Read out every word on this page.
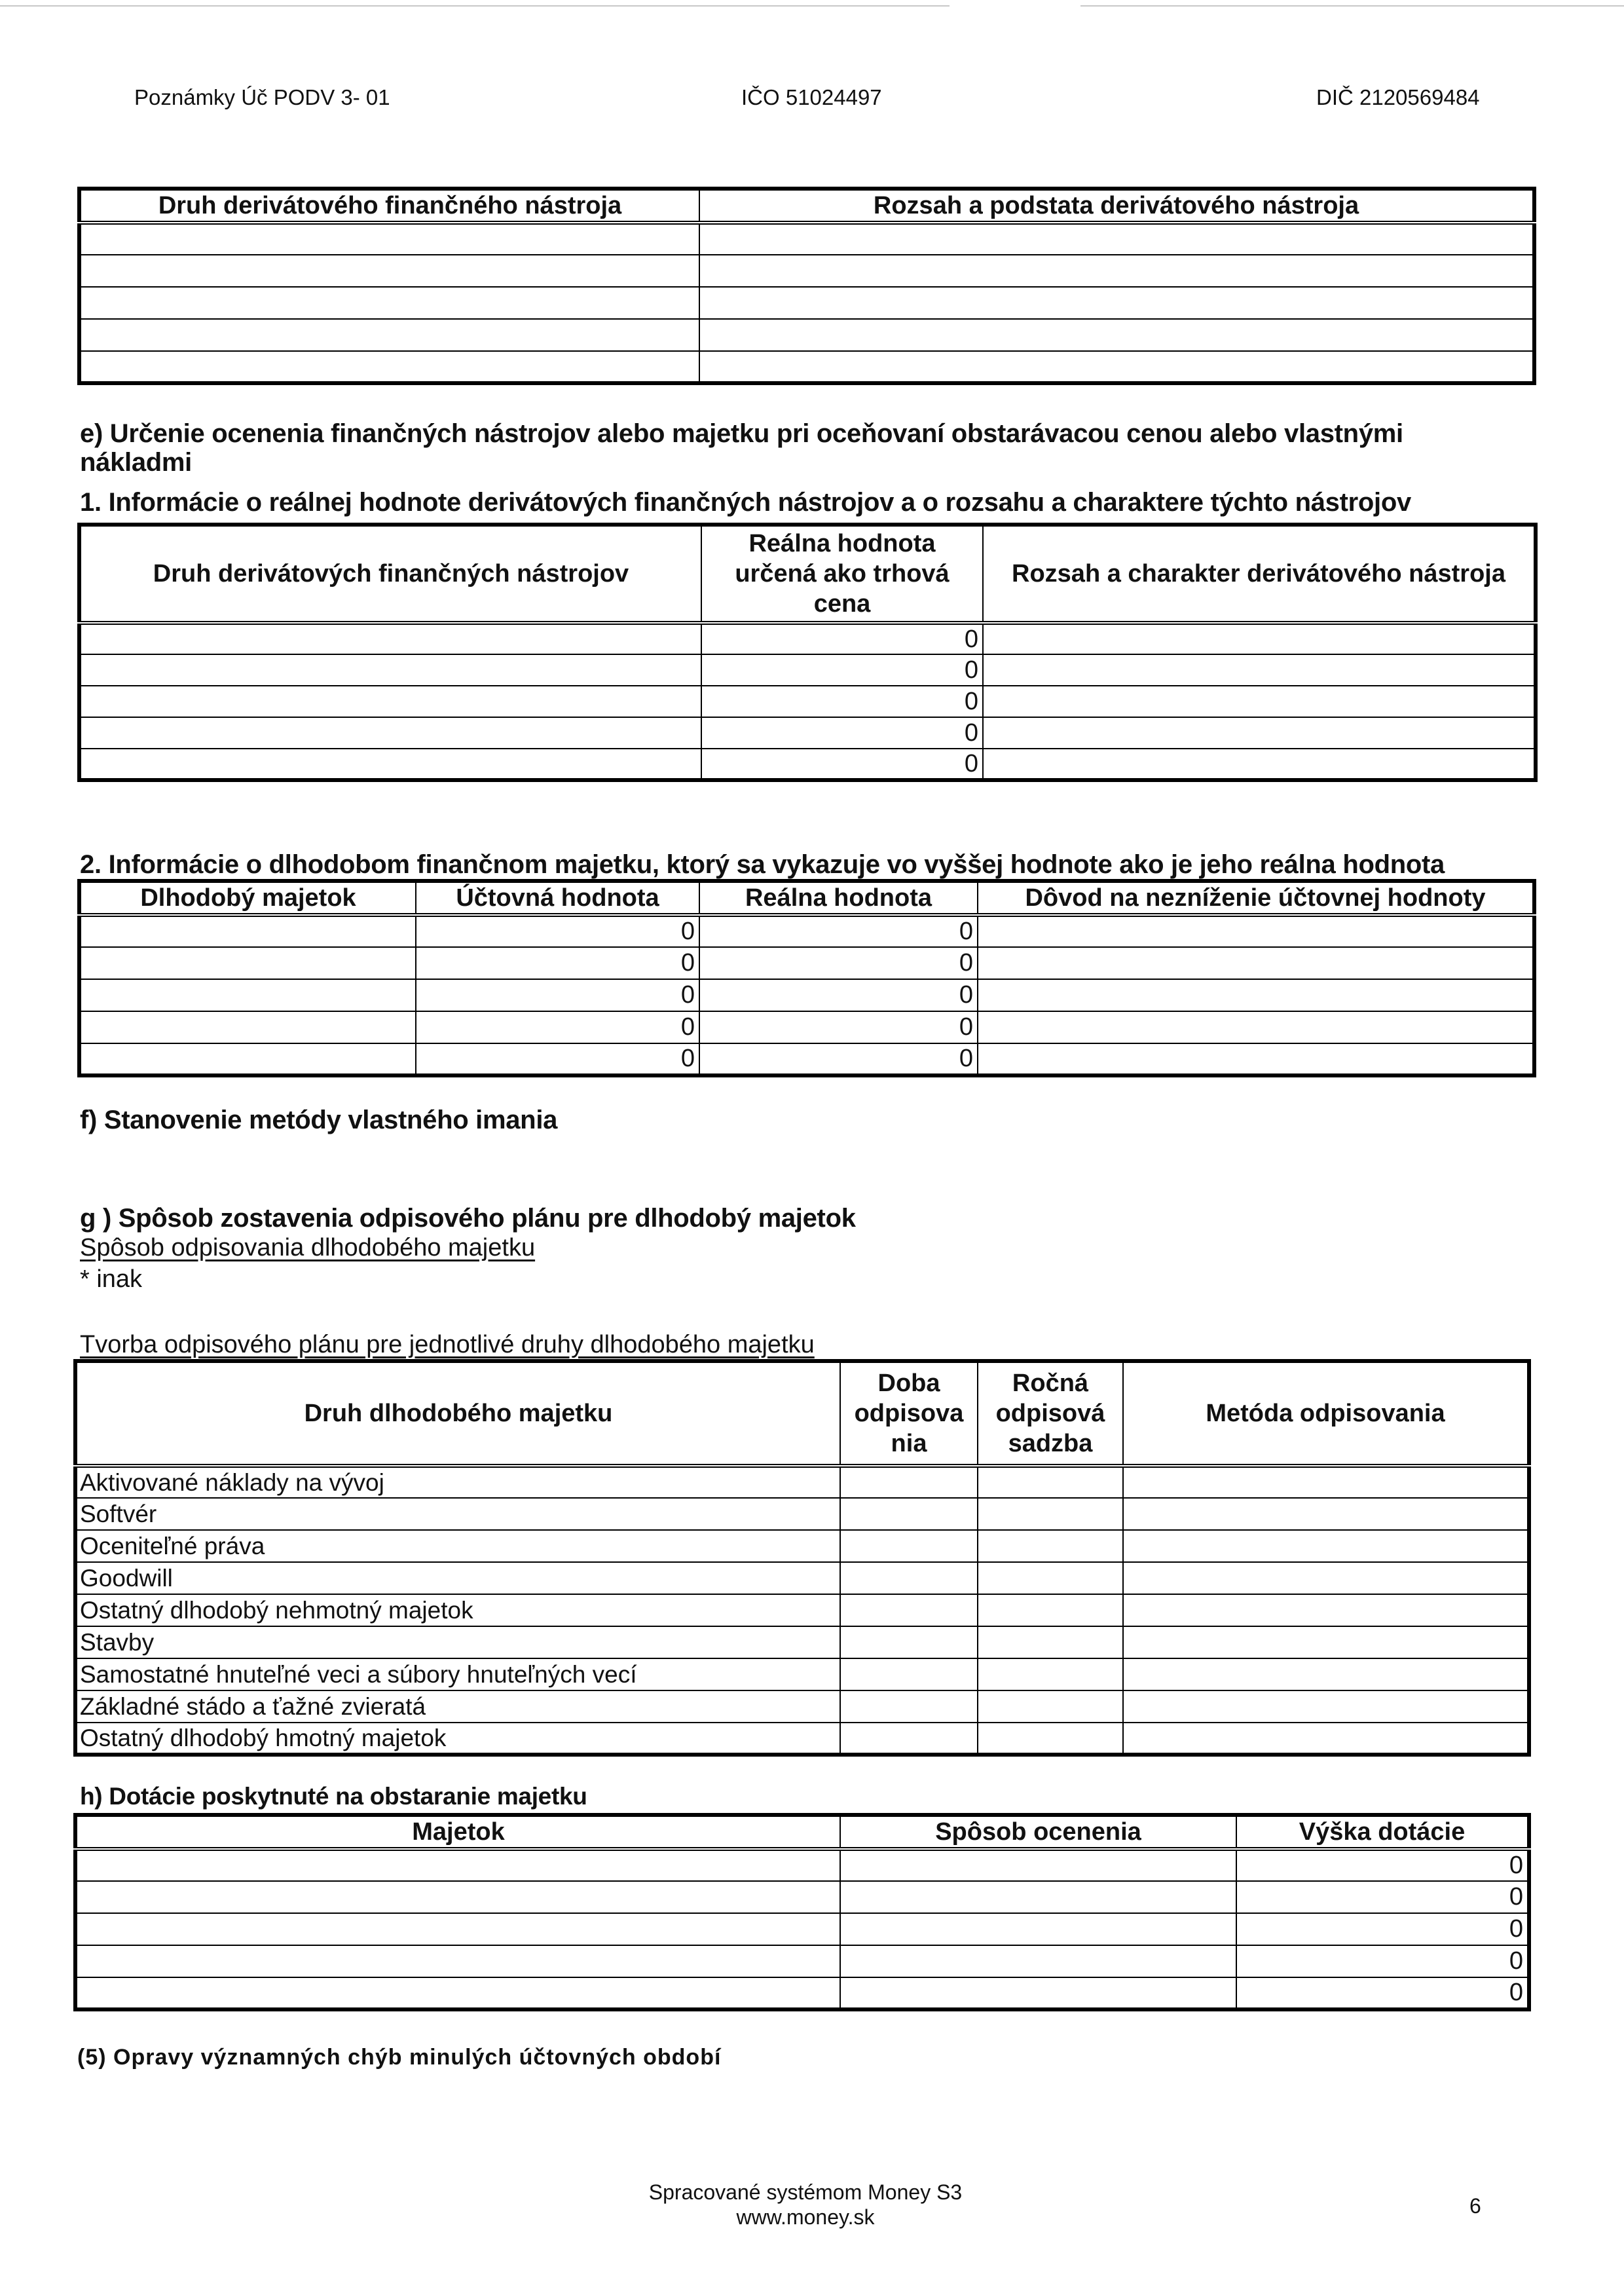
Poznámky Úč PODV 3- 01	IČO 51024497	DIČ 2120569484
Druh derivátového finančného nástroja	Rozsah a podstata derivátového nástroja

e) Určenie ocenenia finančných nástrojov alebo majetku pri oceňovaní obstarávacou cenou alebo vlastnými
nákladmi
1. Informácie o reálnej hodnote derivátových finančných nástrojov a o rozsahu a charaktere týchto nástrojov
Druh derivátových finančných nástrojov	Reálna hodnota určená ako trhová cena	Rozsah a charakter derivátového nástroja
	0	
	0	
	0	
	0	
	0	
2. Informácie o dlhodobom finančnom majetku, ktorý sa vykazuje vo vyššej hodnote ako je jeho reálna hodnota
Dlhodobý majetok	Účtovná hodnota	Reálna hodnota	Dôvod na nezníženie účtovnej hodnoty
	0	0	
	0	0	
	0	0	
	0	0	
	0	0	
f) Stanovenie metódy vlastného imania
g ) Spôsob zostavenia odpisového plánu pre dlhodobý majetok
Spôsob odpisovania dlhodobého majetku
* inak
Tvorba odpisového plánu pre jednotlivé druhy dlhodobého majetku
Druh dlhodobého majetku	Doba odpisova nia	Ročná odpisová sadzba	Metóda odpisovania
Aktivované náklady na vývoj			
Softvér			
Oceniteľné práva			
Goodwill			
Ostatný dlhodobý nehmotný majetok			
Stavby			
Samostatné hnuteľné veci a súbory hnuteľných vecí			
Základné stádo a ťažné zvieratá			
Ostatný dlhodobý hmotný majetok			
h) Dotácie poskytnuté na obstaranie majetku
Majetok	Spôsob ocenenia	Výška dotácie
		0
		0
		0
		0
		0
(5) Opravy významných chýb minulých účtovných období
Spracované systémom Money S3
www.money.sk	6
